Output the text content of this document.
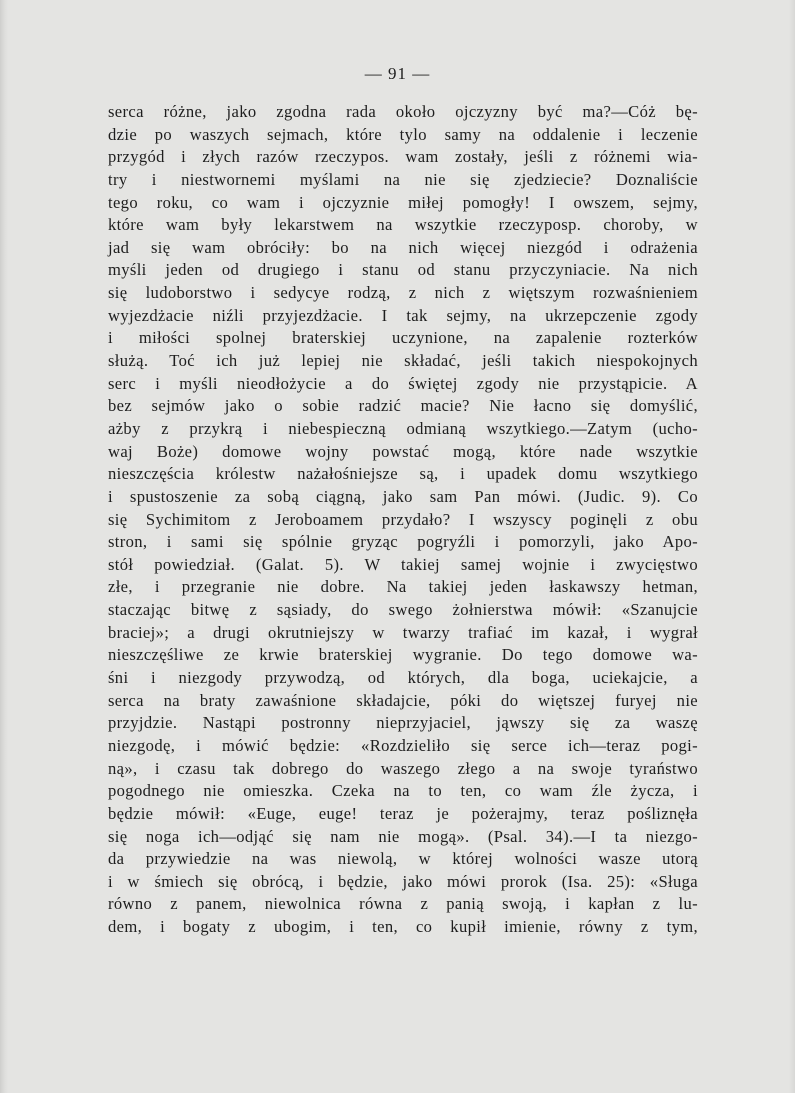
— 91 —
serca różne, jako zgodna rada około ojczyzny być ma?—Cóż bę-
dzie po waszych sejmach, które tylo samy na oddalenie i leczenie
przygód i złych razów rzeczypos. wam zostały, jeśli z różnemi wia-
try i niestwornemi myślami na nie się zjedziecie? Doznaliście
tego roku, co wam i ojczyznie miłej pomogły! I owszem, sejmy,
które wam były lekarstwem na wszytkie rzeczyposp. choroby, w
jad się wam obróciły: bo na nich więcej niezgód i odrażenia
myśli jeden od drugiego i stanu od stanu przyczyniacie. Na nich
się ludoborstwo i sedycye rodzą, z nich z więtszym rozwaśnieniem
wyjezdżacie niźli przyjezdżacie. I tak sejmy, na ukrzepczenie zgody
i miłości spolnej braterskiej uczynione, na zapalenie rozterków
służą. Toć ich już lepiej nie składać, jeśli takich niespokojnych
serc i myśli nieodłożycie a do świętej zgody nie przystąpicie. A
bez sejmów jako o sobie radzić macie? Nie łacno się domyślić,
ażby z przykrą i niebespieczną odmianą wszytkiego.—Zatym (ucho-
waj Boże) domowe wojny powstać mogą, które nade wszytkie
nieszczęścia królestw nażałośniejsze są, i upadek domu wszytkiego
i spustoszenie za sobą ciągną, jako sam Pan mówi. (Judic. 9). Co
się Sychimitom z Jeroboamem przydało? I wszyscy poginęli z obu
stron, i sami się spólnie gryząc pogryźli i pomorzyli, jako Apo-
stół powiedział. (Galat. 5). W takiej samej wojnie i zwycięstwo
złe, i przegranie nie dobre. Na takiej jeden łaskawszy hetman,
staczając bitwę z sąsiady, do swego żołnierstwa mówił: «Szanujcie
braciej»; a drugi okrutniejszy w twarzy trafiać im kazał, i wygrał
nieszczęśliwe ze krwie braterskiej wygranie. Do tego domowe wa-
śni i niezgody przywodzą, od których, dla boga, uciekajcie, a
serca na braty zawaśnione składajcie, póki do więtszej furyej nie
przyjdzie. Nastąpi postronny nieprzyjaciel, jąwszy się za waszę
niezgodę, i mówić będzie: «Rozdzieliło się serce ich—teraz pogi-
ną», i czasu tak dobrego do waszego złego a na swoje tyraństwo
pogodnego nie omieszka. Czeka na to ten, co wam źle życza, i
będzie mówił: «Euge, euge! teraz je pożerajmy, teraz pośliznęła
się noga ich—odjąć się nam nie mogą». (Psal. 34).—I ta niezgo-
da przywiedzie na was niewolą, w której wolności wasze utorą
i w śmiech się obrócą, i będzie, jako mówi prorok (Isa. 25): «Sługa
równo z panem, niewolnica równa z panią swoją, i kapłan z lu-
dem, i bogaty z ubogim, i ten, co kupił imienie, równy z tym,
